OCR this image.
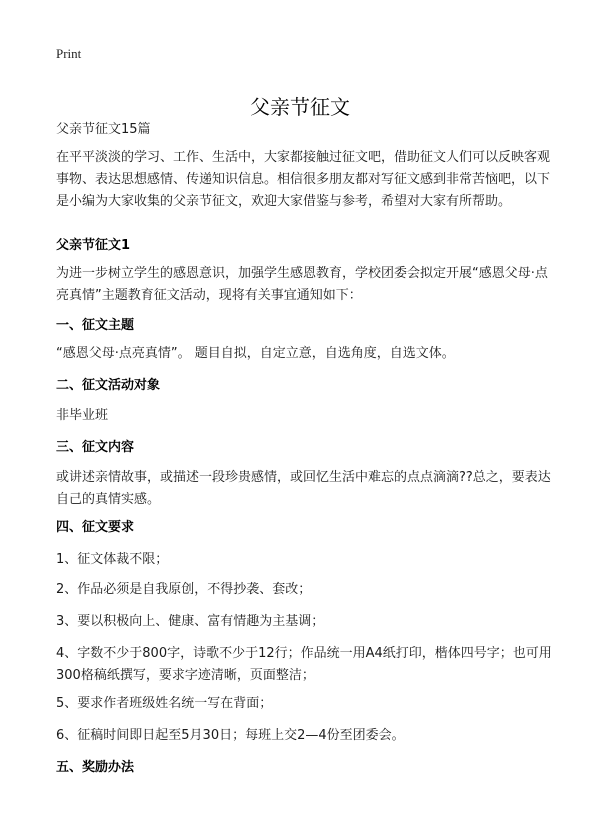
Print
父亲节征文

父亲节征文15篇

在平平淡淡的学习、工作、生活中，大家都接触过征文吧，借助征文人们可以反映客观事物、表达思想感情、传递知识信息。相信很多朋友都对写征文感到非常苦恼吧，以下是小编为大家收集的父亲节征文，欢迎大家借鉴与参考，希望对大家有所帮助。

父亲节征文1

为进一步树立学生的感恩意识，加强学生感恩教育，学校团委会拟定开展“感恩父母·点亮真情”主题教育征文活动，现将有关事宜通知如下：

一、征文主题

“感恩父母·点亮真情”。 题目自拟，自定立意，自选角度，自选文体。

二、征文活动对象

非毕业班

三、征文内容

或讲述亲情故事，或描述一段珍贵感情，或回忆生活中难忘的点点滴滴??总之，要表达自己的真情实感。

四、征文要求

1、征文体裁不限；

2、作品必须是自我原创，不得抄袭、套改；

3、要以积极向上、健康、富有情趣为主基调；

4、字数不少于800字，诗歌不少于12行；作品统一用A4纸打印，楷体四号字；也可用300格稿纸撰写，要求字迹清晰，页面整洁；

5、要求作者班级姓名统一写在背面；

6、征稿时间即日起至5月30日；每班上交2—4份至团委会。

五、奖励办法
